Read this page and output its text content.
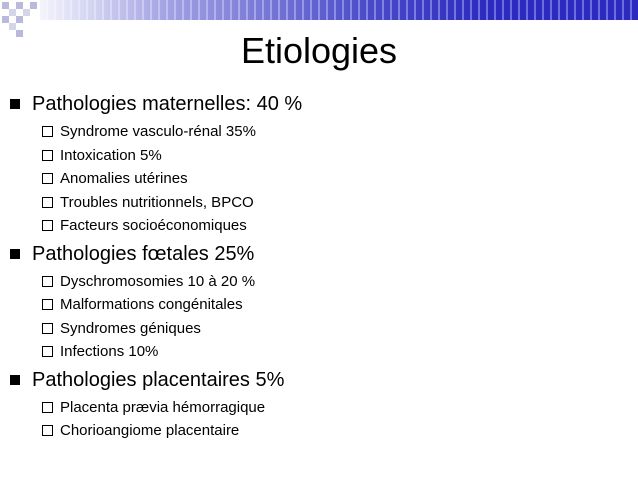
Etiologies
Pathologies maternelles: 40 %
Syndrome vasculo-rénal 35%
Intoxication 5%
Anomalies utérines
Troubles nutritionnels, BPCO
Facteurs socioéconomiques
Pathologies fœtales 25%
Dyschromosomies 10 à 20 %
Malformations congénitales
Syndromes géniques
Infections 10%
Pathologies placentaires 5%
Placenta prævia hémorragique
Chorioangiome placentaire
